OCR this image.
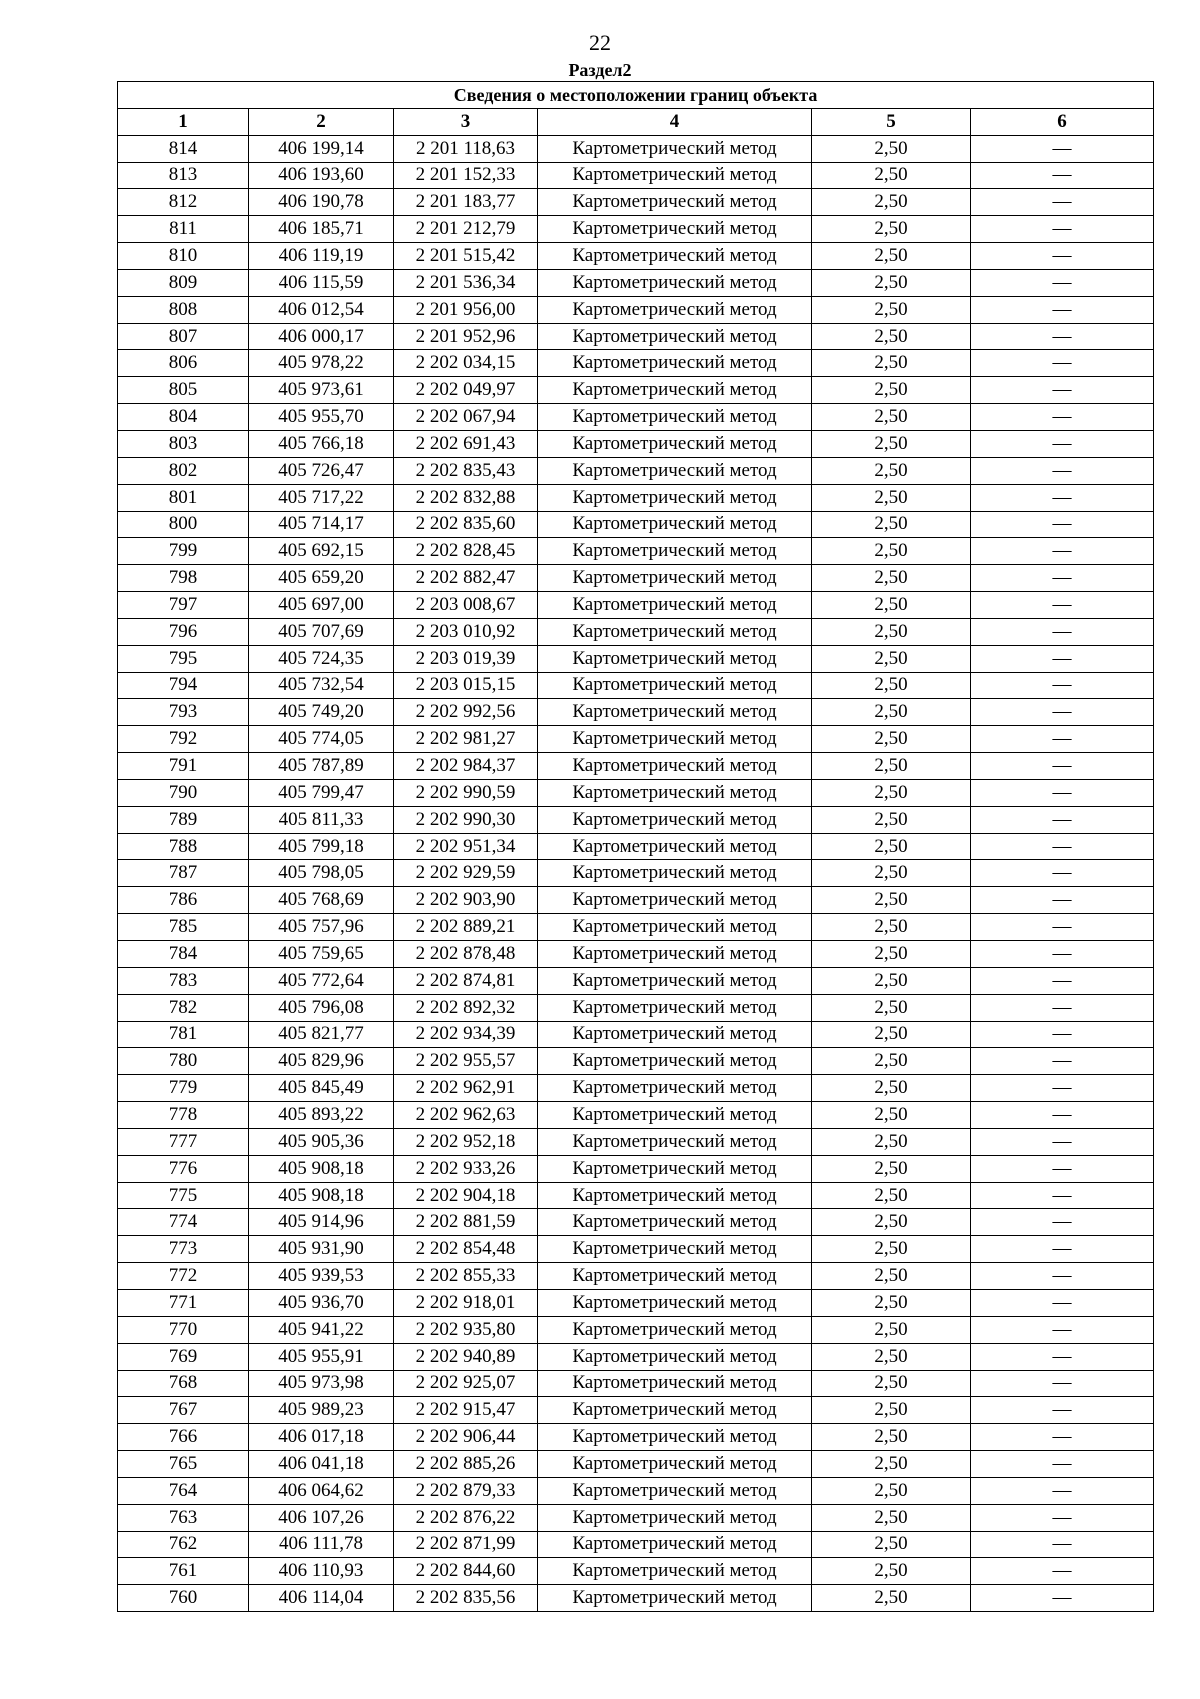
22
Раздел2
Сведения о местоположении границ объекта					
1	2	3	4	5	6
814	406 199,14	2 201 118,63	Картометрический метод	2,50	—
813	406 193,60	2 201 152,33	Картометрический метод	2,50	—
812	406 190,78	2 201 183,77	Картометрический метод	2,50	—
811	406 185,71	2 201 212,79	Картометрический метод	2,50	—
810	406 119,19	2 201 515,42	Картометрический метод	2,50	—
809	406 115,59	2 201 536,34	Картометрический метод	2,50	—
808	406 012,54	2 201 956,00	Картометрический метод	2,50	—
807	406 000,17	2 201 952,96	Картометрический метод	2,50	—
806	405 978,22	2 202 034,15	Картометрический метод	2,50	—
805	405 973,61	2 202 049,97	Картометрический метод	2,50	—
804	405 955,70	2 202 067,94	Картометрический метод	2,50	—
803	405 766,18	2 202 691,43	Картометрический метод	2,50	—
802	405 726,47	2 202 835,43	Картометрический метод	2,50	—
801	405 717,22	2 202 832,88	Картометрический метод	2,50	—
800	405 714,17	2 202 835,60	Картометрический метод	2,50	—
799	405 692,15	2 202 828,45	Картометрический метод	2,50	—
798	405 659,20	2 202 882,47	Картометрический метод	2,50	—
797	405 697,00	2 203 008,67	Картометрический метод	2,50	—
796	405 707,69	2 203 010,92	Картометрический метод	2,50	—
795	405 724,35	2 203 019,39	Картометрический метод	2,50	—
794	405 732,54	2 203 015,15	Картометрический метод	2,50	—
793	405 749,20	2 202 992,56	Картометрический метод	2,50	—
792	405 774,05	2 202 981,27	Картометрический метод	2,50	—
791	405 787,89	2 202 984,37	Картометрический метод	2,50	—
790	405 799,47	2 202 990,59	Картометрический метод	2,50	—
789	405 811,33	2 202 990,30	Картометрический метод	2,50	—
788	405 799,18	2 202 951,34	Картометрический метод	2,50	—
787	405 798,05	2 202 929,59	Картометрический метод	2,50	—
786	405 768,69	2 202 903,90	Картометрический метод	2,50	—
785	405 757,96	2 202 889,21	Картометрический метод	2,50	—
784	405 759,65	2 202 878,48	Картометрический метод	2,50	—
783	405 772,64	2 202 874,81	Картометрический метод	2,50	—
782	405 796,08	2 202 892,32	Картометрический метод	2,50	—
781	405 821,77	2 202 934,39	Картометрический метод	2,50	—
780	405 829,96	2 202 955,57	Картометрический метод	2,50	—
779	405 845,49	2 202 962,91	Картометрический метод	2,50	—
778	405 893,22	2 202 962,63	Картометрический метод	2,50	—
777	405 905,36	2 202 952,18	Картометрический метод	2,50	—
776	405 908,18	2 202 933,26	Картометрический метод	2,50	—
775	405 908,18	2 202 904,18	Картометрический метод	2,50	—
774	405 914,96	2 202 881,59	Картометрический метод	2,50	—
773	405 931,90	2 202 854,48	Картометрический метод	2,50	—
772	405 939,53	2 202 855,33	Картометрический метод	2,50	—
771	405 936,70	2 202 918,01	Картометрический метод	2,50	—
770	405 941,22	2 202 935,80	Картометрический метод	2,50	—
769	405 955,91	2 202 940,89	Картометрический метод	2,50	—
768	405 973,98	2 202 925,07	Картометрический метод	2,50	—
767	405 989,23	2 202 915,47	Картометрический метод	2,50	—
766	406 017,18	2 202 906,44	Картометрический метод	2,50	—
765	406 041,18	2 202 885,26	Картометрический метод	2,50	—
764	406 064,62	2 202 879,33	Картометрический метод	2,50	—
763	406 107,26	2 202 876,22	Картометрический метод	2,50	—
762	406 111,78	2 202 871,99	Картометрический метод	2,50	—
761	406 110,93	2 202 844,60	Картометрический метод	2,50	—
760	406 114,04	2 202 835,56	Картометрический метод	2,50	—
